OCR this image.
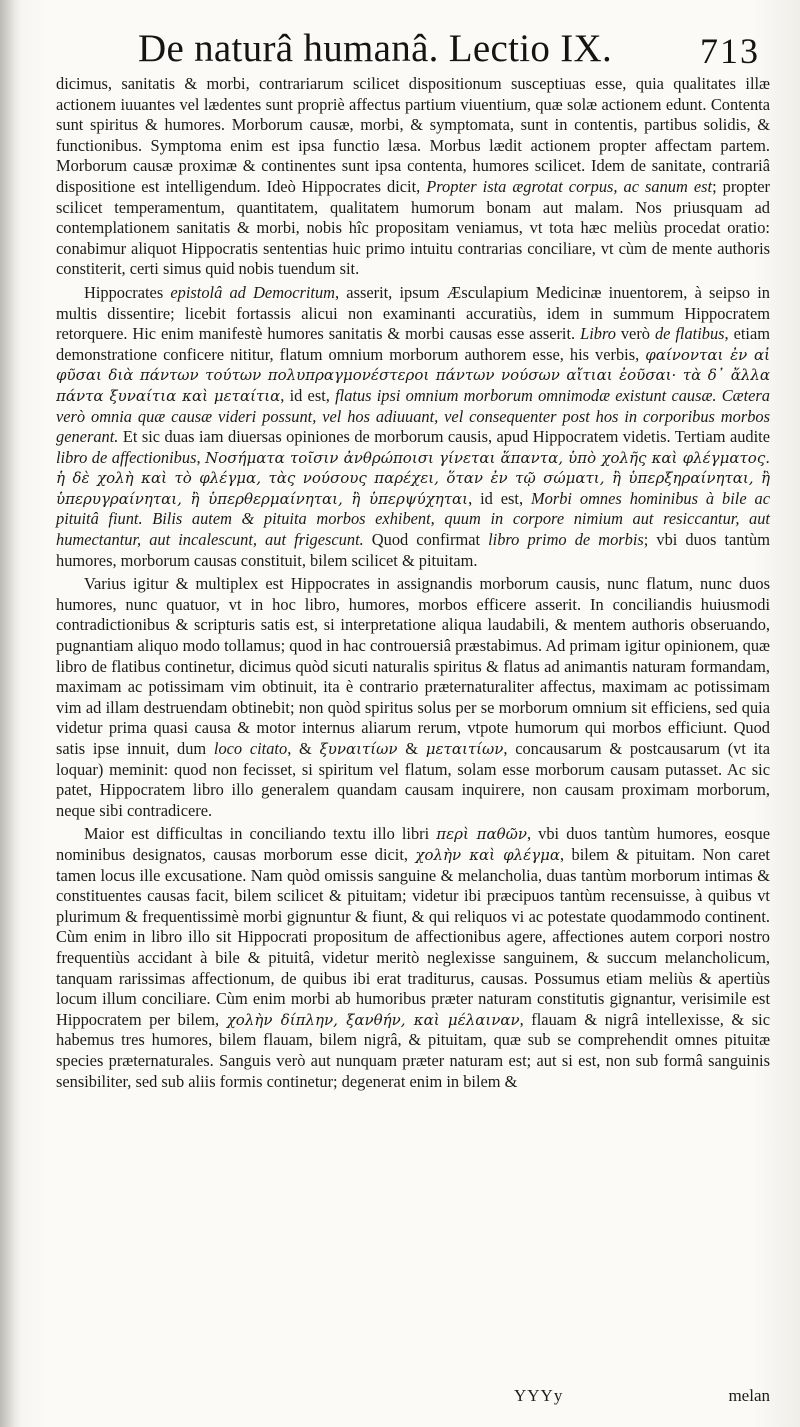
De naturâ humanâ. Lectio IX. 713

dicimus, sanitatis & morbi, contrariarum scilicet dispositionum susceptiuas esse, quia qualitates illæ actionem iuuantes vel lædentes sunt propriè affectus partium viuentium, quæ solæ actionem edunt. Contenta sunt spiritus & humores. Morborum causæ, morbi, & symptomata, sunt in contentis, partibus solidis, & functionibus. Symptoma enim est ipsa functio læsa. Morbus lædit actionem propter affectam partem. Morborum causæ proximæ & continentes sunt ipsa contenta, humores scilicet. Idem de sanitate, contrariâ dispositione est intelligendum. Ideò Hippocrates dicit, Propter ista ægrotat corpus, ac sanum est; propter scilicet temperamentum, quantitatem, qualitatem humorum bonam aut malam. Nos priusquam ad contemplationem sanitatis & morbi, nobis hîc propositam veniamus, vt tota hæc meliùs procedat oratio: conabimur aliquot Hippocratis sententias huic primo intuitu contrarias conciliare, vt cùm de mente authoris constiterit, certi simus quid nobis tuendum sit.

Hippocrates epistolâ ad Democritum, asserit, ipsum Æsculapium Medicinæ inuentorem, à seipso in multis dissentire; licebit fortassis alicui non examinanti accuratiùs, idem in summum Hippocratem retorquere. Hic enim manifestè humores sanitatis & morbi causas esse asserit. Libro verò de flatibus, etiam demonstratione conficere nititur, flatum omnium morborum authorem esse, his verbis, φαίνονται ἐν αἱ φῦσαι διὰ πάντων τούτων πολυπραγμονέστεροι πάντων νούσων αἴτιαι ἐοῦσαι· τὰ δ᾽ ἄλλα πάντα ξυναίτια καὶ μεταίτια, id est, flatus ipsi omnium morborum omnimodæ existunt causæ. Cætera verò omnia quæ causæ videri possunt, vel hos adiuuant, vel consequenter post hos in corporibus morbos generant. Et sic duas iam diuersas opiniones de morborum causis, apud Hippocratem videtis. Tertiam audite libro de affectionibus, Νοσήματα τοῖσιν ἀνθρώποισι γίνεται ἅπαντα, ὑπὸ χολῆς καὶ φλέγματος. ἡ δὲ χολὴ καὶ τὸ φλέγμα, τὰς νούσους παρέχει, ὅταν ἐν τῷ σώματι, ἢ ὑπερξηραίνηται, ἢ ὑπερυγραίνηται, ἢ ὑπερθερμαίνηται, ἢ ὑπερψύχηται, id est, Morbi omnes hominibus à bile ac pituitâ fiunt. Bilis autem & pituita morbos exhibent, quum in corpore nimium aut resiccantur, aut humectantur, aut incalescunt, aut frigescunt. Quod confirmat libro primo de morbis; vbi duos tantùm humores, morborum causas constituit, bilem scilicet & pituitam.

Varius igitur & multiplex est Hippocrates in assignandis morborum causis, nunc flatum, nunc duos humores, nunc quatuor, vt in hoc libro, humores, morbos efficere asserit. In conciliandis huiusmodi contradictionibus & scripturis satis est, si interpretatione aliqua laudabili, & mentem authoris obseruando, pugnantiam aliquo modo tollamus; quod in hac controuersiâ præstabimus. Ad primam igitur opinionem, quæ libro de flatibus continetur, dicimus quòd sicuti naturalis spiritus & flatus ad animantis naturam formandam, maximam ac potissimam vim obtinuit, ita è contrario præternaturaliter affectus, maximam ac potissimam vim ad illam destruendam obtinebit; non quòd spiritus solus per se morborum omnium sit efficiens, sed quia videtur prima quasi causa & motor internus aliarum rerum, vtpote humorum qui morbos efficiunt. Quod satis ipse innuit, dum loco citato, & ξυναιτίων & μεταιτίων, concausarum & postcausarum (vt ita loquar) meminit: quod non fecisset, si spiritum vel flatum, solam esse morborum causam putasset. Ac sic patet, Hippocratem libro illo generalem quandam causam inquirere, non causam proximam morborum, neque sibi contradicere.

Maior est difficultas in conciliando textu illo libri περὶ παθῶν, vbi duos tantùm humores, eosque nominibus designatos, causas morborum esse dicit, χολὴν καὶ φλέγμα, bilem & pituitam. Non caret tamen locus ille excusatione. Nam quòd omissis sanguine & melancholia, duas tantùm morborum intimas & constituentes causas facit, bilem scilicet & pituitam; videtur ibi præcipuos tantùm recensuisse, à quibus vt plurimum & frequentissimè morbi gignuntur & fiunt, & qui reliquos vi ac potestate quodammodo continent. Cùm enim in libro illo sit Hippocrati propositum de affectionibus agere, affectiones autem corpori nostro frequentiùs accidant à bile & pituitâ, videtur meritò neglexisse sanguinem, & succum melancholicum, tanquam rarissimas affectionum, de quibus ibi erat traditurus, causas. Possumus etiam meliùs & apertiùs locum illum conciliare. Cùm enim morbi ab humoribus præter naturam constitutis gignantur, verisimile est Hippocratem per bilem, χολὴν δίπλην, ξανθήν, καὶ μέλαιναν, flauam & nigrâ intellexisse, & sic habemus tres humores, bilem flauam, bilem nigrâ, & pituitam, quæ sub se comprehendit omnes pituitæ species præternaturales. Sanguis verò aut nunquam præter naturam est; aut si est, non sub formâ sanguinis sensibiliter, sed sub aliis formis continetur; degenerat enim in bilem &

YYYy	melan
